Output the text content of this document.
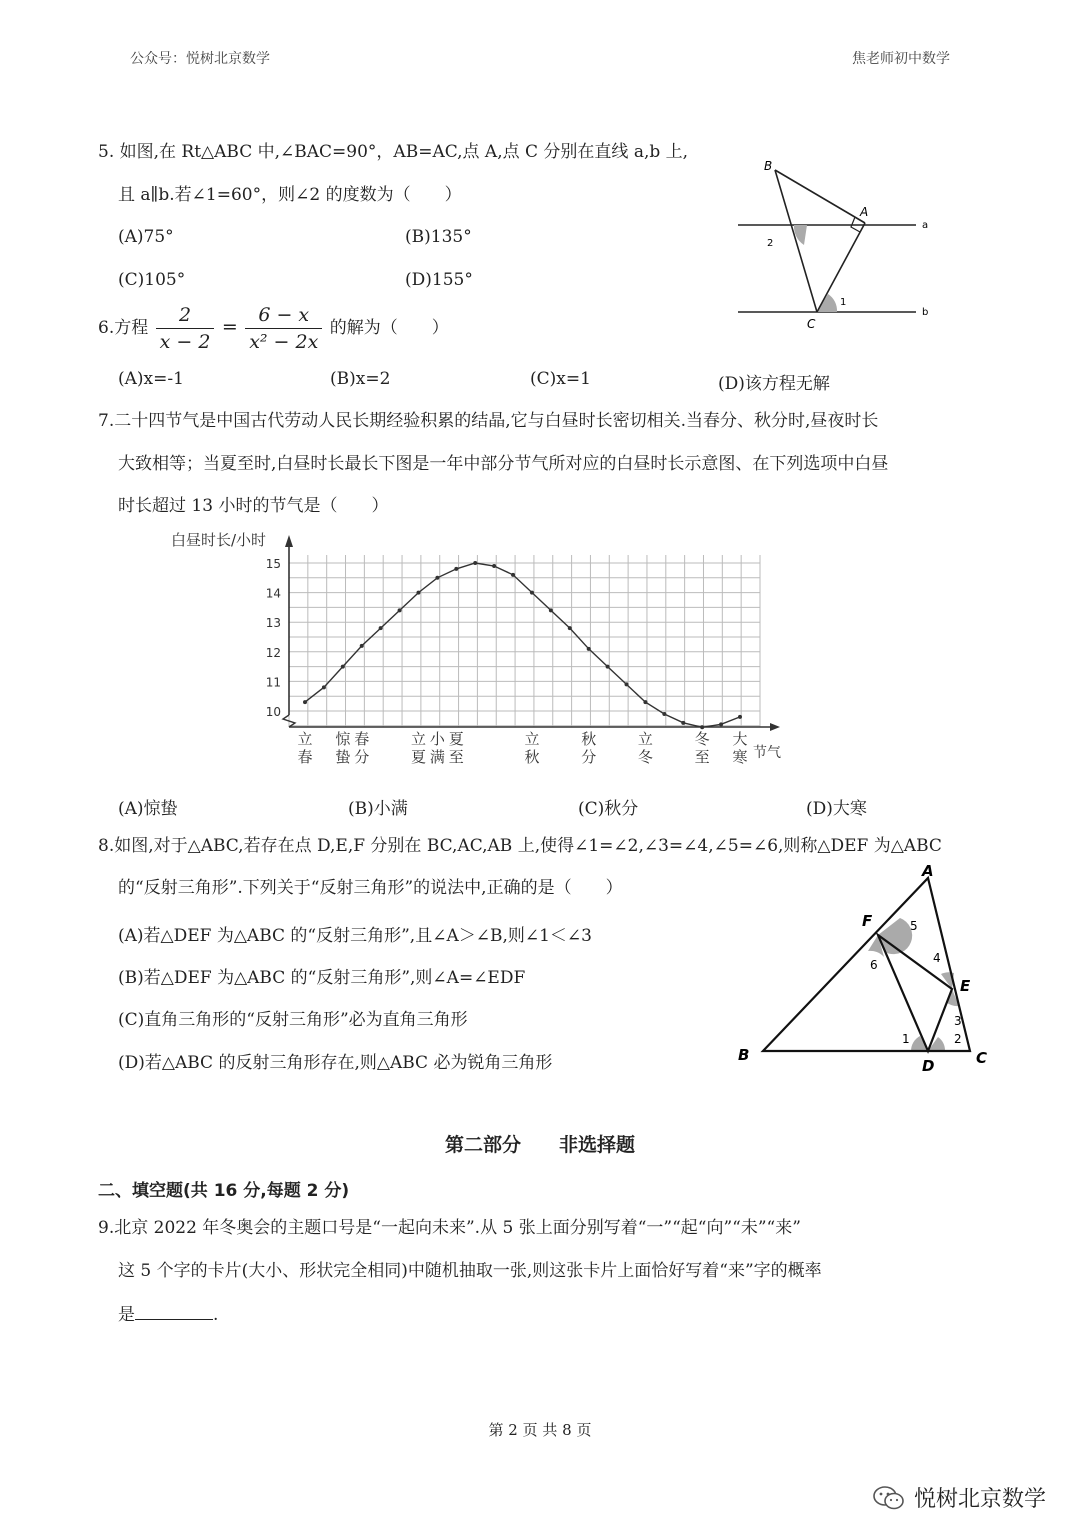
公众号：悦树北京数学	焦老师初中数学
5. 如图,在 Rt△ABC 中,∠BAC=90°，AB=AC,点 A,点 C 分别在直线 a,b 上,
且 a∥b.若∠1=60°，则∠2 的度数为（　　）
(A)75°	(B)135°
(C)105°	(D)155°
B
A
C
a
b
1
2
6.方程 $\frac{2}{x - 2} = \frac{6 - x}{\text{x² − 2x}}$ 的解为（　　）
(A)x=-1	(B)x=2	(C)x=1	(D)该方程无解
7.二十四节气是中国古代劳动人民长期经验积累的结晶,它与白昼时长密切相关.当春分、秋分时,昼夜时长
大致相等；当夏至时,白昼时长最长下图是一年中部分节气所对应的白昼时长示意图、在下列选项中白昼
时长超过 13 小时的节气是（　　）
10
11
12
13
14
15
立
春
惊
蛰
春
分
立
夏
小
满
夏
至
立
秋
秋
分
立
冬
冬
至
大
寒
白昼时长/小时
节气
(A)惊蛰	(B)小满	(C)秋分	(D)大寒
8.如图,对于△ABC,若存在点 D,E,F 分别在 BC,AC,AB 上,使得∠1=∠2,∠3=∠4,∠5=∠6,则称△DEF 为△ABC
的“反射三角形”.下列关于“反射三角形”的说法中,正确的是（　　）
(A)若△DEF 为△ABC 的“反射三角形”,且∠A＞∠B,则∠1＜∠3
(B)若△DEF 为△ABC 的“反射三角形”,则∠A=∠EDF
(C)直角三角形的“反射三角形”必为直角三角形
(D)若△ABC 的反射三角形存在,则△ABC 必为锐角三角形
A
B	C
D
E
F
1	2
3
4
5
6
第二部分　　非选择题
二、填空题(共 16 分,每题 2 分)
9.北京 2022 年冬奥会的主题口号是“一起向未来”.从 5 张上面分别写着“一”“起“向”“未”“来”
这 5 个字的卡片(大小、形状完全相同)中随机抽取一张,则这张卡片上面恰好写着“来”字的概率
是	.
第 2 页 共 8 页
悦树北京数学
